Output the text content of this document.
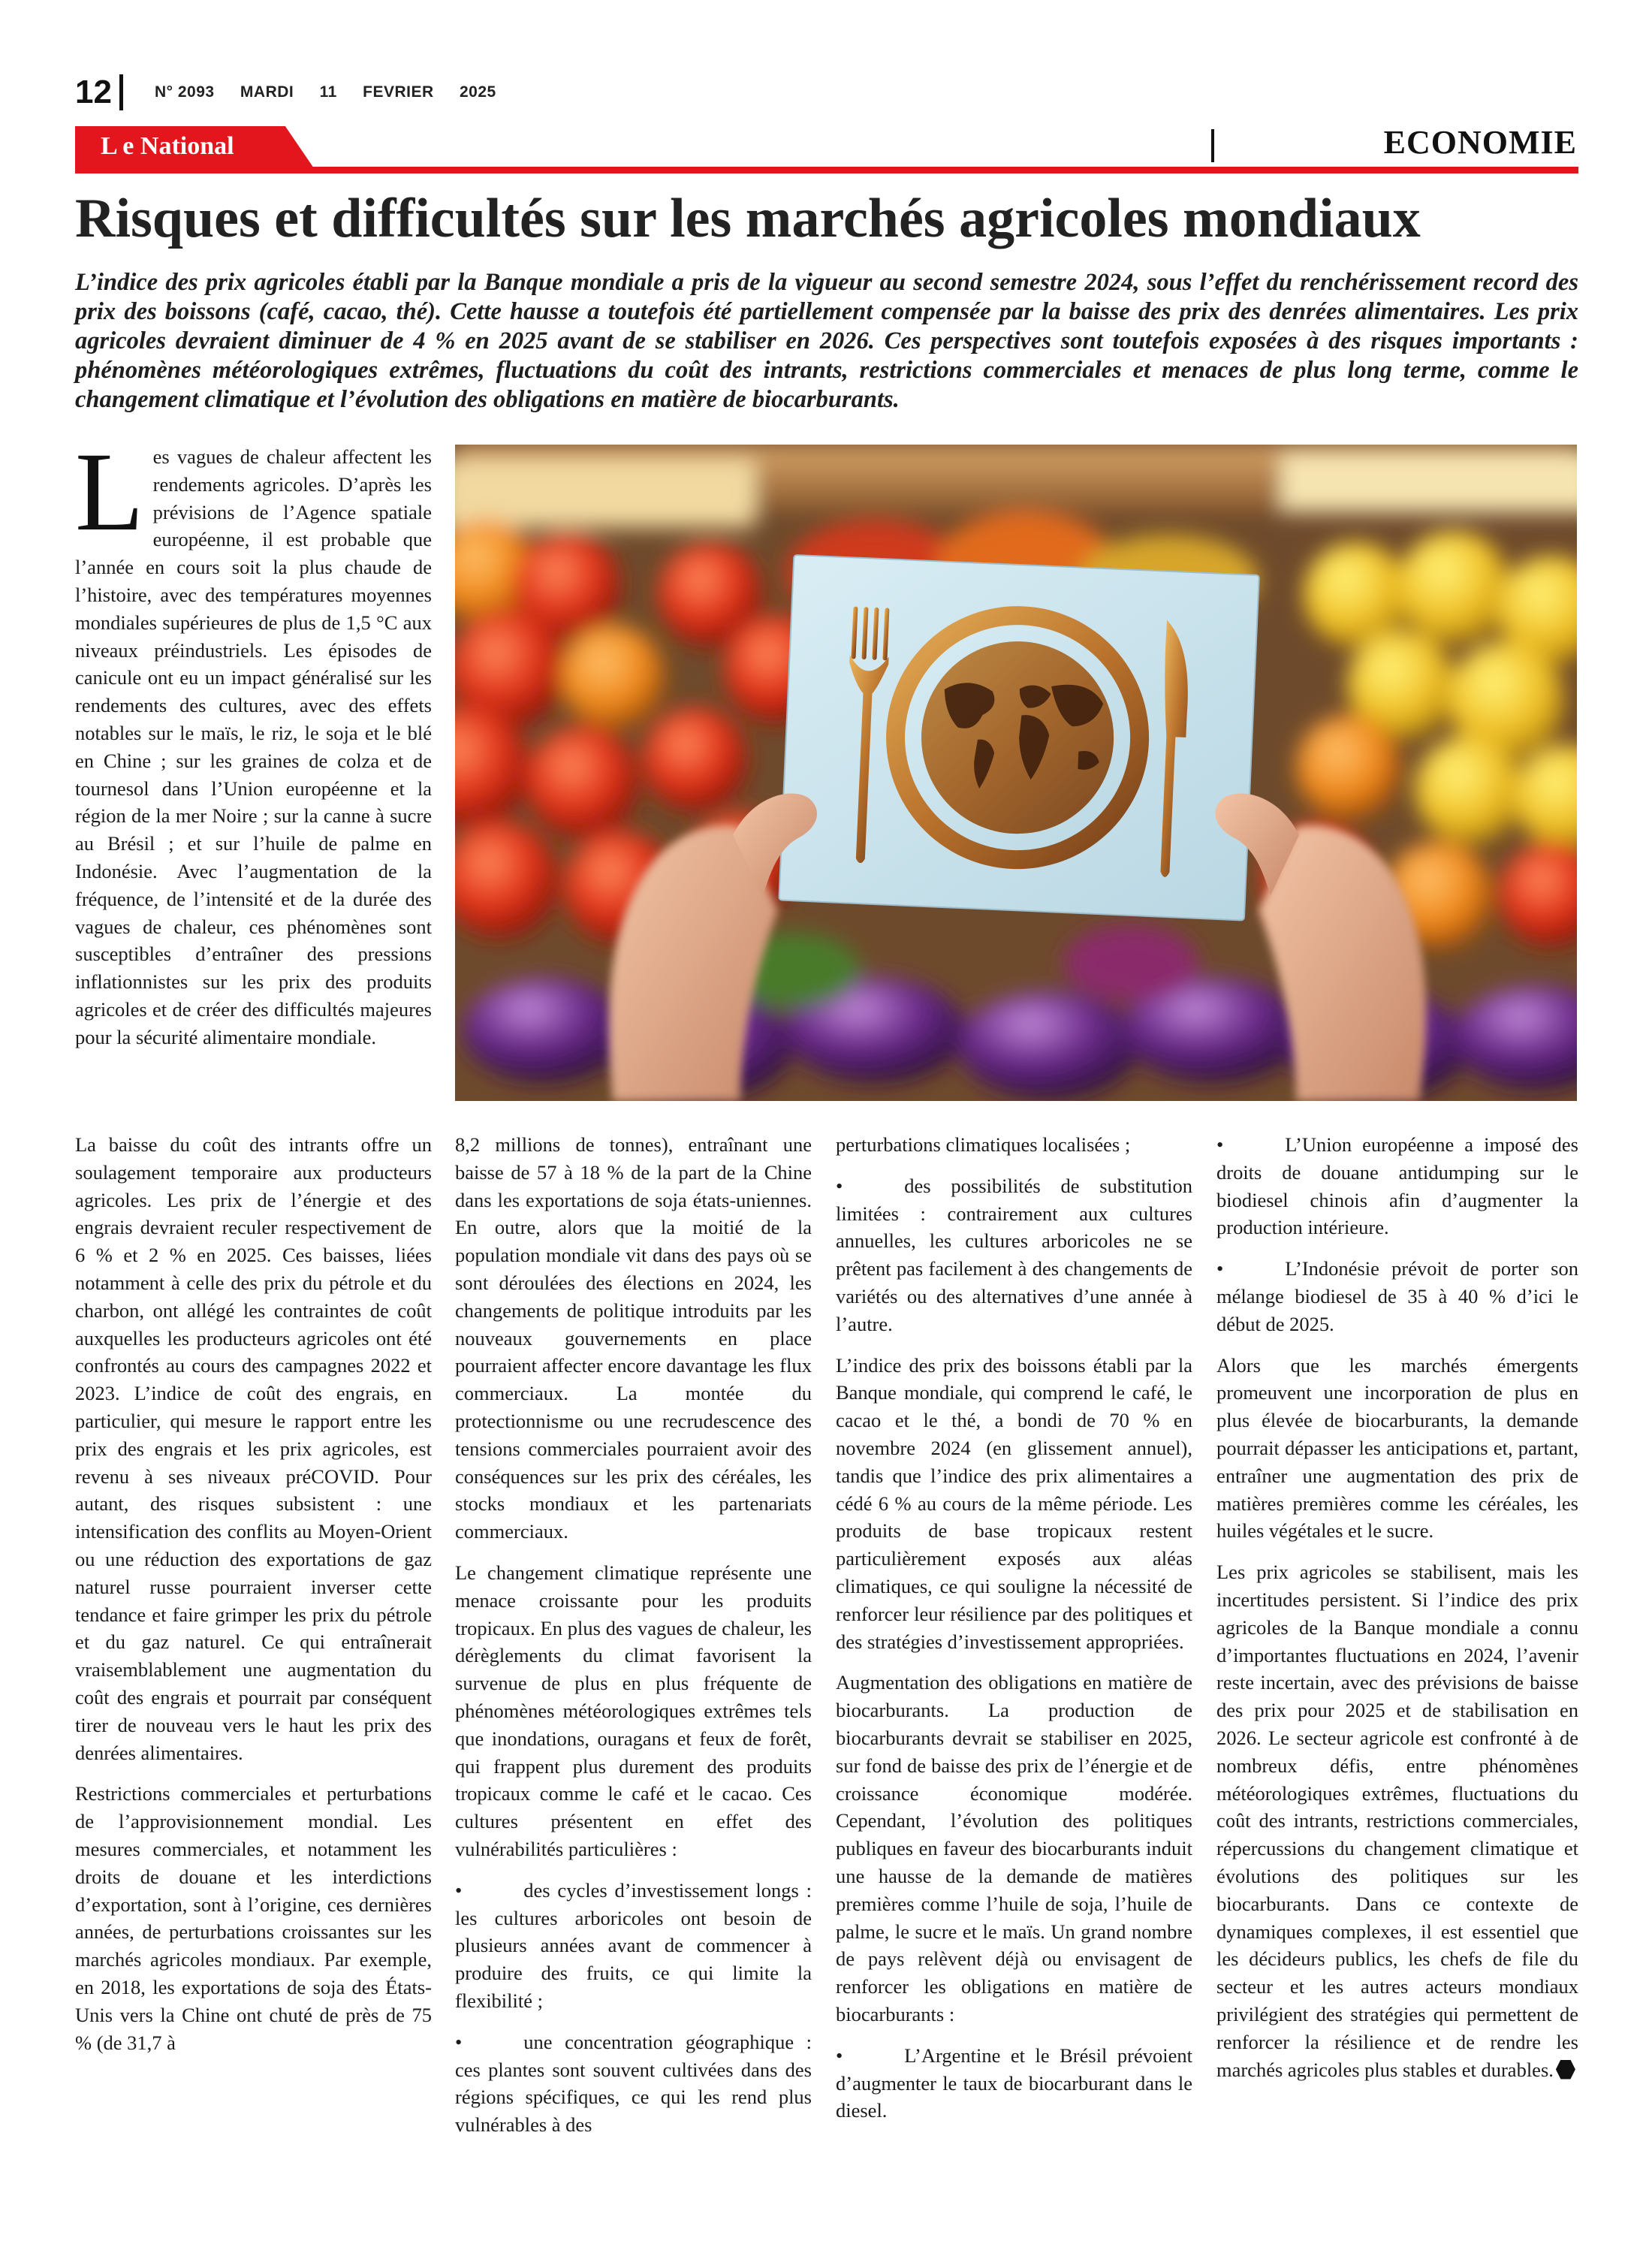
12	N° 2093 MARDI 11 FEVRIER 2025
L e National	ECONOMIE
Risques et difficultés sur les marchés agricoles mondiaux

L’indice des prix agricoles établi par la Banque mondiale a pris de la vigueur au second semestre 2024, sous l’effet du renchérissement record des prix des boissons (café, cacao, thé). Cette hausse a toutefois été partiellement compensée par la baisse des prix des denrées alimentaires. Les prix agricoles devraient diminuer de 4 % en 2025 avant de se stabiliser en 2026. Ces perspectives sont toutefois exposées à des risques importants : phénomènes météorologiques extrêmes, fluctuations du coût des intrants, restrictions commerciales et menaces de plus long terme, comme le changement climatique et l’évolution des obligations en matière de biocarburants.

Les vagues de chaleur affectent les rendements agricoles. D’après les prévisions de l’Agence spatiale européenne, il est probable que l’année en cours soit la plus chaude de l’histoire, avec des températures moyennes mondiales supérieures de plus de 1,5 °C aux niveaux préindustriels. Les épisodes de canicule ont eu un impact généralisé sur les rendements des cultures, avec des effets notables sur le maïs, le riz, le soja et le blé en Chine ; sur les graines de colza et de tournesol dans l’Union européenne et la région de la mer Noire ; sur la canne à sucre au Brésil ; et sur l’huile de palme en Indonésie. Avec l’augmentation de la fréquence, de l’intensité et de la durée des vagues de chaleur, ces phénomènes sont susceptibles d’entraîner des pressions inflationnistes sur les prix des produits agricoles et de créer des difficultés majeures pour la sécurité alimentaire mondiale.

La baisse du coût des intrants offre un soulagement temporaire aux producteurs agricoles. Les prix de l’énergie et des engrais devraient reculer respectivement de 6 % et 2 % en 2025. Ces baisses, liées notamment à celle des prix du pétrole et du charbon, ont allégé les contraintes de coût auxquelles les producteurs agricoles ont été confrontés au cours des campagnes 2022 et 2023. L’indice de coût des engrais, en particulier, qui mesure le rapport entre les prix des engrais et les prix agricoles, est revenu à ses niveaux préCOVID. Pour autant, des risques subsistent : une intensification des conflits au Moyen-Orient ou une réduction des exportations de gaz naturel russe pourraient inverser cette tendance et faire grimper les prix du pétrole et du gaz naturel. Ce qui entraînerait vraisemblablement une augmentation du coût des engrais et pourrait par conséquent tirer de nouveau vers le haut les prix des denrées alimentaires.

Restrictions commerciales et perturbations de l’approvisionnement mondial. Les mesures commerciales, et notamment les droits de douane et les interdictions d’exportation, sont à l’origine, ces dernières années, de perturbations croissantes sur les marchés agricoles mondiaux. Par exemple, en 2018, les exportations de soja des États-Unis vers la Chine ont chuté de près de 75 % (de 31,7 à

8,2 millions de tonnes), entraînant une baisse de 57 à 18 % de la part de la Chine dans les exportations de soja états-uniennes. En outre, alors que la moitié de la population mondiale vit dans des pays où se sont déroulées des élections en 2024, les changements de politique introduits par les nouveaux gouvernements en place pourraient affecter encore davantage les flux commerciaux. La montée du protectionnisme ou une recrudescence des tensions commerciales pourraient avoir des conséquences sur les prix des céréales, les stocks mondiaux et les partenariats commerciaux.

Le changement climatique représente une menace croissante pour les produits tropicaux. En plus des vagues de chaleur, les dérèglements du climat favorisent la survenue de plus en plus fréquente de phénomènes météorologiques extrêmes tels que inondations, ouragans et feux de forêt, qui frappent plus durement des produits tropicaux comme le café et le cacao. Ces cultures présentent en effet des vulnérabilités particulières :

•	des cycles d’investissement longs : les cultures arboricoles ont besoin de plusieurs années avant de commencer à produire des fruits, ce qui limite la flexibilité ;

•	une concentration géographique : ces plantes sont souvent cultivées dans des régions spécifiques, ce qui les rend plus vulnérables à des

perturbations climatiques localisées ;

•	des possibilités de substitution limitées : contrairement aux cultures annuelles, les cultures arboricoles ne se prêtent pas facilement à des changements de variétés ou des alternatives d’une année à l’autre.

L’indice des prix des boissons établi par la Banque mondiale, qui comprend le café, le cacao et le thé, a bondi de 70 % en novembre 2024 (en glissement annuel), tandis que l’indice des prix alimentaires a cédé 6 % au cours de la même période. Les produits de base tropicaux restent particulièrement exposés aux aléas climatiques, ce qui souligne la nécessité de renforcer leur résilience par des politiques et des stratégies d’investissement appropriées.

Augmentation des obligations en matière de biocarburants. La production de biocarburants devrait se stabiliser en 2025, sur fond de baisse des prix de l’énergie et de croissance économique modérée. Cependant, l’évolution des politiques publiques en faveur des biocarburants induit une hausse de la demande de matières premières comme l’huile de soja, l’huile de palme, le sucre et le maïs. Un grand nombre de pays relèvent déjà ou envisagent de renforcer les obligations en matière de biocarburants :

•	L’Argentine et le Brésil prévoient d’augmenter le taux de biocarburant dans le diesel.

•	L’Union européenne a imposé des droits de douane antidumping sur le biodiesel chinois afin d’augmenter la production intérieure.

•	L’Indonésie prévoit de porter son mélange biodiesel de 35 à 40 % d’ici le début de 2025.

Alors que les marchés émergents promeuvent une incorporation de plus en plus élevée de biocarburants, la demande pourrait dépasser les anticipations et, partant, entraîner une augmentation des prix de matières premières comme les céréales, les huiles végétales et le sucre.

Les prix agricoles se stabilisent, mais les incertitudes persistent. Si l’indice des prix agricoles de la Banque mondiale a connu d’importantes fluctuations en 2024, l’avenir reste incertain, avec des prévisions de baisse des prix pour 2025 et de stabilisation en 2026. Le secteur agricole est confronté à de nombreux défis, entre phénomènes météorologiques extrêmes, fluctuations du coût des intrants, restrictions commerciales, répercussions du changement climatique et évolutions des politiques sur les biocarburants. Dans ce contexte de dynamiques complexes, il est essentiel que les décideurs publics, les chefs de file du secteur et les autres acteurs mondiaux privilégient des stratégies qui permettent de renforcer la résilience et de rendre les marchés agricoles plus stables et durables.
